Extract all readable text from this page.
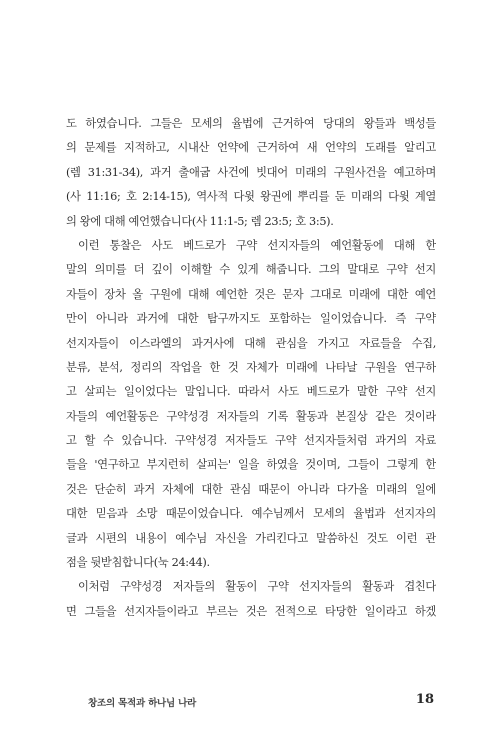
도 하였습니다. 그들은 모세의 율법에 근거하여 당대의 왕들과 백성들
의 문제를 지적하고, 시내산 언약에 근거하여 새 언약의 도래를 알리고
(렘 31:31-34), 과거 출애굽 사건에 빗대어 미래의 구원사건을 예고하며
(사 11:16; 호 2:14-15), 역사적 다윗 왕권에 뿌리를 둔 미래의 다윗 계열
의 왕에 대해 예언했습니다(사 11:1-5; 렘 23:5; 호 3:5).
이런 통찰은 사도 베드로가 구약 선지자들의 예언활동에 대해 한
말의 의미를 더 깊이 이해할 수 있게 해줍니다. 그의 말대로 구약 선지
자들이 장차 올 구원에 대해 예언한 것은 문자 그대로 미래에 대한 예언
만이 아니라 과거에 대한 탐구까지도 포함하는 일이었습니다. 즉 구약
선지자들이 이스라엘의 과거사에 대해 관심을 가지고 자료들을 수집,
분류, 분석, 정리의 작업을 한 것 자체가 미래에 나타날 구원을 연구하
고 살피는 일이었다는 말입니다. 따라서 사도 베드로가 말한 구약 선지
자들의 예언활동은 구약성경 저자들의 기록 활동과 본질상 같은 것이라
고 할 수 있습니다. 구약성경 저자들도 구약 선지자들처럼 과거의 자료
들을 '연구하고 부지런히 살피는' 일을 하였을 것이며, 그들이 그렇게 한
것은 단순히 과거 자체에 대한 관심 때문이 아니라 다가올 미래의 일에
대한 믿음과 소망 때문이었습니다. 예수님께서 모세의 율법과 선지자의
글과 시편의 내용이 예수님 자신을 가리킨다고 말씀하신 것도 이런 관
점을 뒷받침합니다(눅 24:44).
이처럼 구약성경 저자들의 활동이 구약 선지자들의 활동과 겹친다
면 그들을 선지자들이라고 부르는 것은 전적으로 타당한 일이라고 하겠
창조의 목적과 하나님 나라	18
